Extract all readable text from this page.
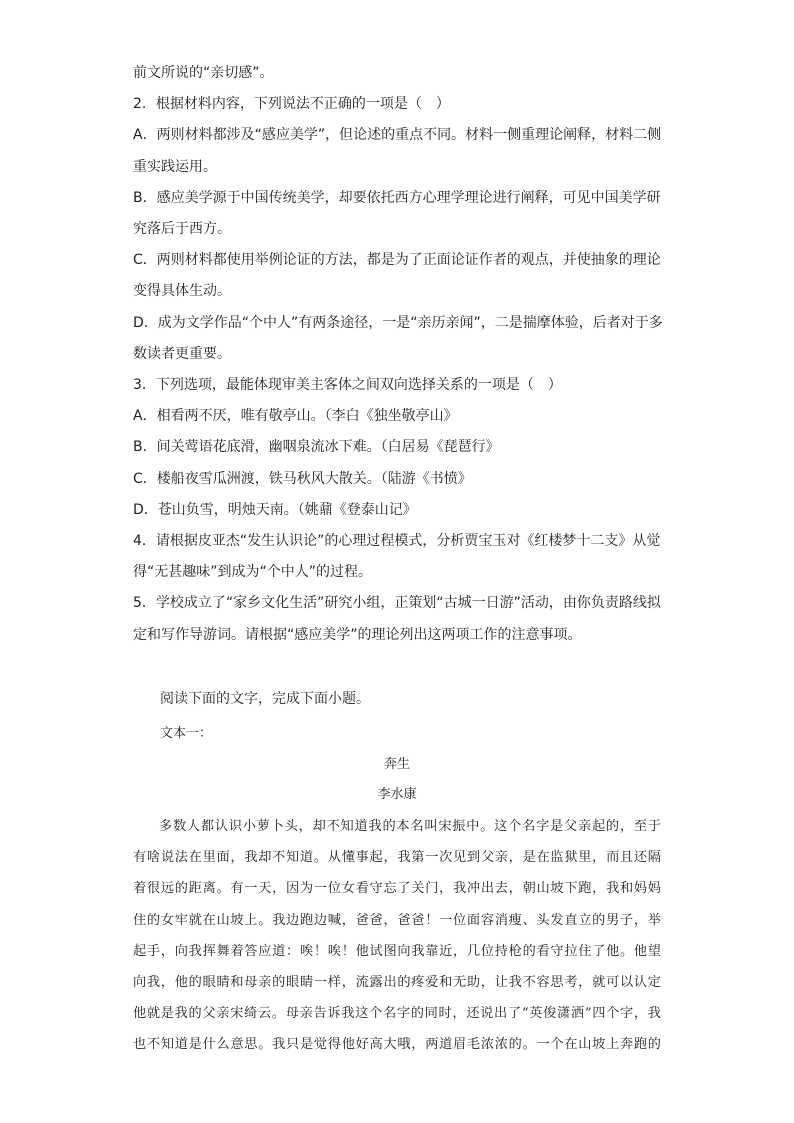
前文所说的“亲切感”。

2．根据材料内容，下列说法不正确的一项是（　）

A．两则材料都涉及“感应美学”，但论述的重点不同。材料一侧重理论阐释，材料二侧

重实践运用。

B．感应美学源于中国传统美学，却要依托西方心理学理论进行阐释，可见中国美学研

究落后于西方。

C．两则材料都使用举例论证的方法，都是为了正面论证作者的观点，并使抽象的理论

变得具体生动。

D．成为文学作品“个中人”有两条途径，一是“亲历亲闻”，二是揣摩体验，后者对于多

数读者更重要。

3．下列选项，最能体现审美主客体之间双向选择关系的一项是（　）

A．相看两不厌，唯有敬亭山。（李白《独坐敬亭山》

B．间关莺语花底滑，幽咽泉流冰下难。（白居易《琵琶行》

C．楼船夜雪瓜洲渡，铁马秋风大散关。（陆游《书愤》

D．苍山负雪，明烛天南。（姚鼐《登泰山记》

4．请根据皮亚杰“发生认识论”的心理过程模式，分析贾宝玉对《红楼梦十二支》从觉

得“无甚趣味”到成为“个中人”的过程。

5．学校成立了“家乡文化生活”研究小组，正策划“古城一日游”活动，由你负责路线拟

定和写作导游词。请根据“感应美学”的理论列出这两项工作的注意事项。

阅读下面的文字，完成下面小题。

文本一：

奔生

李水康

多数人都认识小萝卜头，却不知道我的本名叫宋振中。这个名字是父亲起的，至于
有啥说法在里面，我却不知道。从懂事起，我第一次见到父亲，是在监狱里，而且还隔
着很远的距离。有一天，因为一位女看守忘了关门，我冲出去，朝山坡下跑，我和妈妈
住的女牢就在山坡上。我边跑边喊，爸爸，爸爸！一位面容消瘦、头发直立的男子，举
起手，向我挥舞着答应道：唉！唉！他试图向我靠近，几位持枪的看守拉住了他。他望
向我，他的眼睛和母亲的眼睛一样，流露出的疼爱和无助，让我不容思考，就可以认定
他就是我的父亲宋绮云。母亲告诉我这个名字的同时，还说出了“英俊潇洒”四个字，我
也不知道是什么意思。我只是觉得他好高大哦，两道眉毛浓浓的。一个在山坡上奔跑的
